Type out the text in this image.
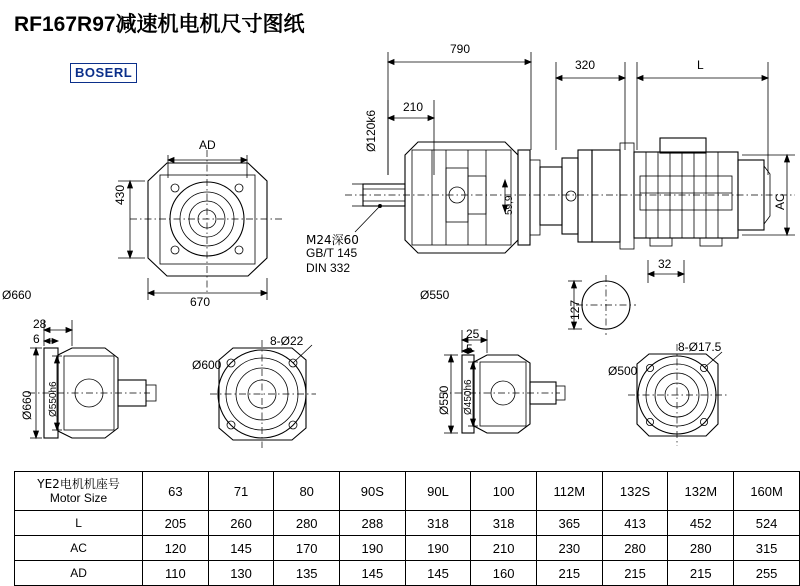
RF167R97减速机电机尺寸图纸
BOSERL
AD
430
670
790
210
320	L
AC
Ø120k6
59,9
M24深60
GB/T 145
DIN 332	32
127
Ø660	Ø550
28
6
Ø660 Ø550h6
8-Ø22
Ø600
25
5
Ø550 Ø450h6
8-Ø17.5
Ø500
YE2电机机座号
Motor Size	63	71	80	90S	90L	100	112M	132S	132M	160M
L	205	260	280	288	318	318	365	413	452	524
AC	120	145	170	190	190	210	230	280	280	315
AD	110	130	135	145	145	160	215	215	215	255
